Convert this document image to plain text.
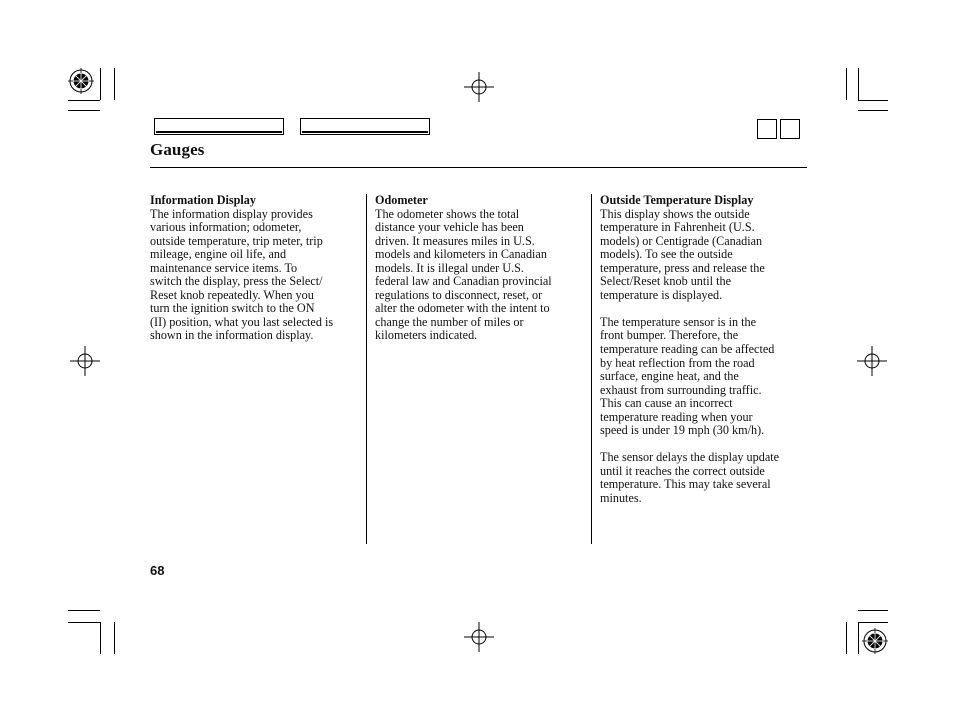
Gauges
Information Display

The information display provides
various information; odometer,
outside temperature, trip meter, trip
mileage, engine oil life, and
maintenance service items. To
switch the display, press the Select/
Reset knob repeatedly. When you
turn the ignition switch to the ON
(II) position, what you last selected is
shown in the information display.

Odometer

The odometer shows the total
distance your vehicle has been
driven. It measures miles in U.S.
models and kilometers in Canadian
models. It is illegal under U.S.
federal law and Canadian provincial
regulations to disconnect, reset, or
alter the odometer with the intent to
change the number of miles or
kilometers indicated.

Outside Temperature Display

This display shows the outside
temperature in Fahrenheit (U.S.
models) or Centigrade (Canadian
models). To see the outside
temperature, press and release the
Select/Reset knob until the
temperature is displayed.

The temperature sensor is in the
front bumper. Therefore, the
temperature reading can be affected
by heat reflection from the road
surface, engine heat, and the
exhaust from surrounding traffic.
This can cause an incorrect
temperature reading when your
speed is under 19 mph (30 km/h).

The sensor delays the display update
until it reaches the correct outside
temperature. This may take several
minutes.

68
